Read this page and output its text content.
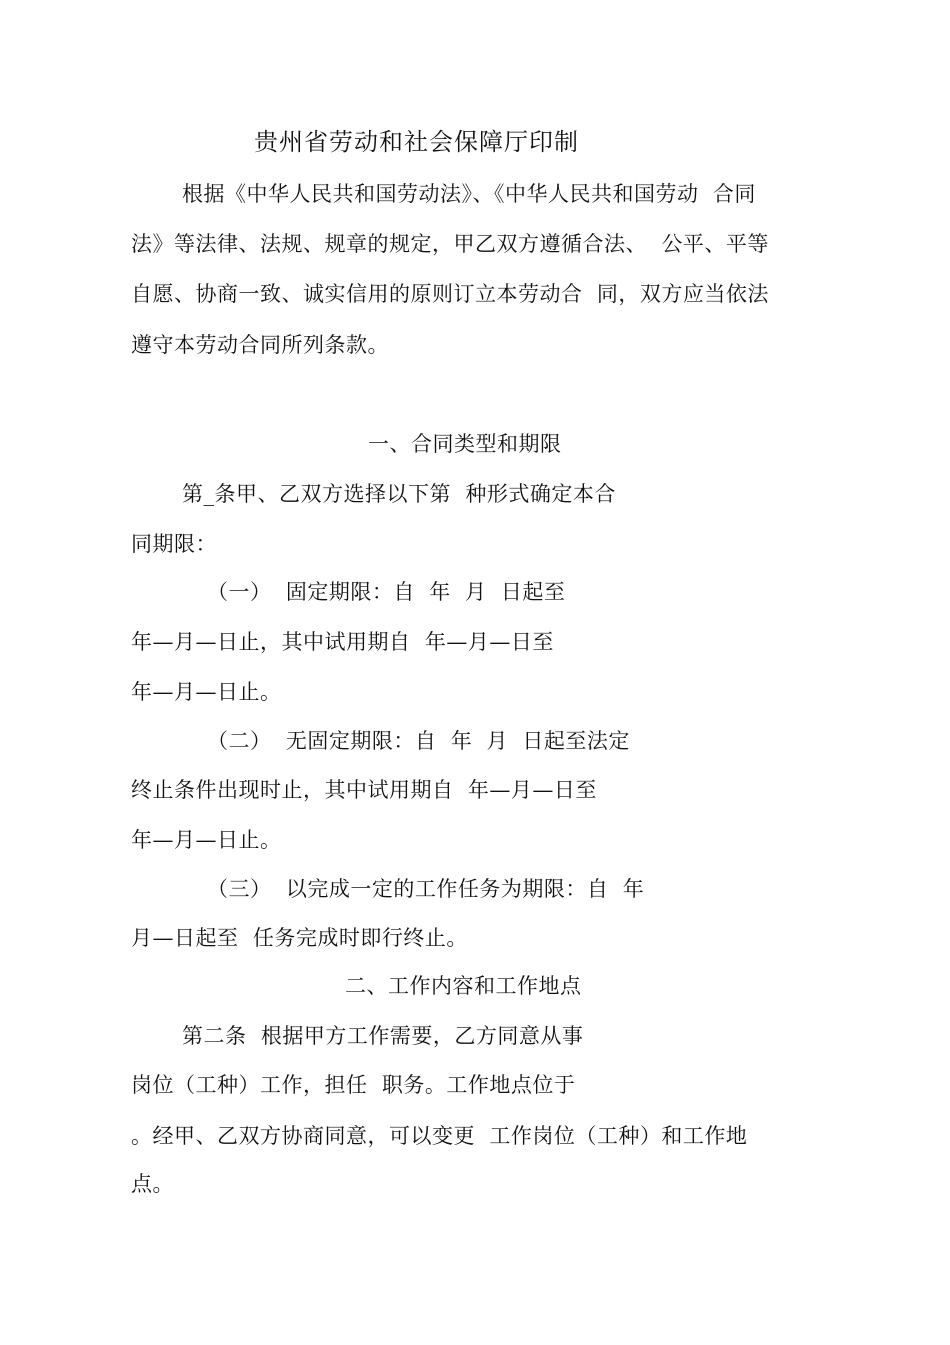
贵州省劳动和社会保障厅印制

根据《中华人民共和国劳动法》、《中华人民共和国劳动  合同

法》等法律、法规、规章的规定，甲乙双方遵循合法、  公平、平等

自愿、协商一致、诚实信用的原则订立本劳动合  同，双方应当依法

遵守本劳动合同所列条款。

一、合同类型和期限

第_条甲、乙双方选择以下第  种形式确定本合

同期限：

（一）  固定期限：自  年  月  日起至

年—月—日止，其中试用期自  年—月—日至

年—月—日止。

（二）  无固定期限：自  年  月  日起至法定

终止条件出现时止，其中试用期自  年—月—日至

年—月—日止。

（三）  以完成一定的工作任务为期限：自  年

月—日起至  任务完成时即行终止。

二、工作内容和工作地点

第二条  根据甲方工作需要，乙方同意从事

岗位（工种）工作，担任  职务。工作地点位于

。经甲、乙双方协商同意，可以变更  工作岗位（工种）和工作地

点。
